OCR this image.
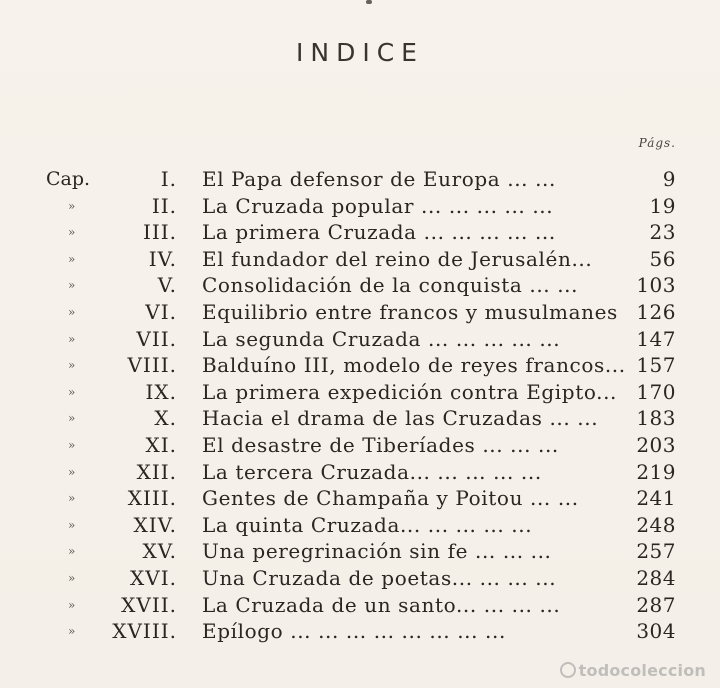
INDICE
Págs.
Cap.	I. El Papa defensor de Europa ... ...	9
»	II. La Cruzada popular ... ... ... ... ...	19
»	III. La primera Cruzada ... ... ... ... ...	23
»	IV. El fundador del reino de Jerusalén...	56
»	V. Consolidación de la conquista ... ...	103
»	VI. Equilibrio entre francos y musulmanes 126
»	VII. La segunda Cruzada ... ... ... ... ...	147
»	VIII. Balduíno III, modelo de reyes francos... 157
»	IX. La primera expedición contra Egipto... 170
»	X. Hacia el drama de las Cruzadas ... ... 183
»	XI. El desastre de Tiberíades ... ... ...	203
»	XII. La tercera Cruzada... ... ... ... ...	219
»	XIII. Gentes de Champaña y Poitou ... ...	241
»	XIV. La quinta Cruzada... ... ... ... ...	248
»	XV. Una peregrinación sin fe ... ... ...	257
»	XVI. Una Cruzada de poetas... ... ... ...	284
» XVII. La Cruzada de un santo... ... ... ...	287
» XVIII. Epílogo ... ... ... ... ... ... ... ...	304
todocoleccion
